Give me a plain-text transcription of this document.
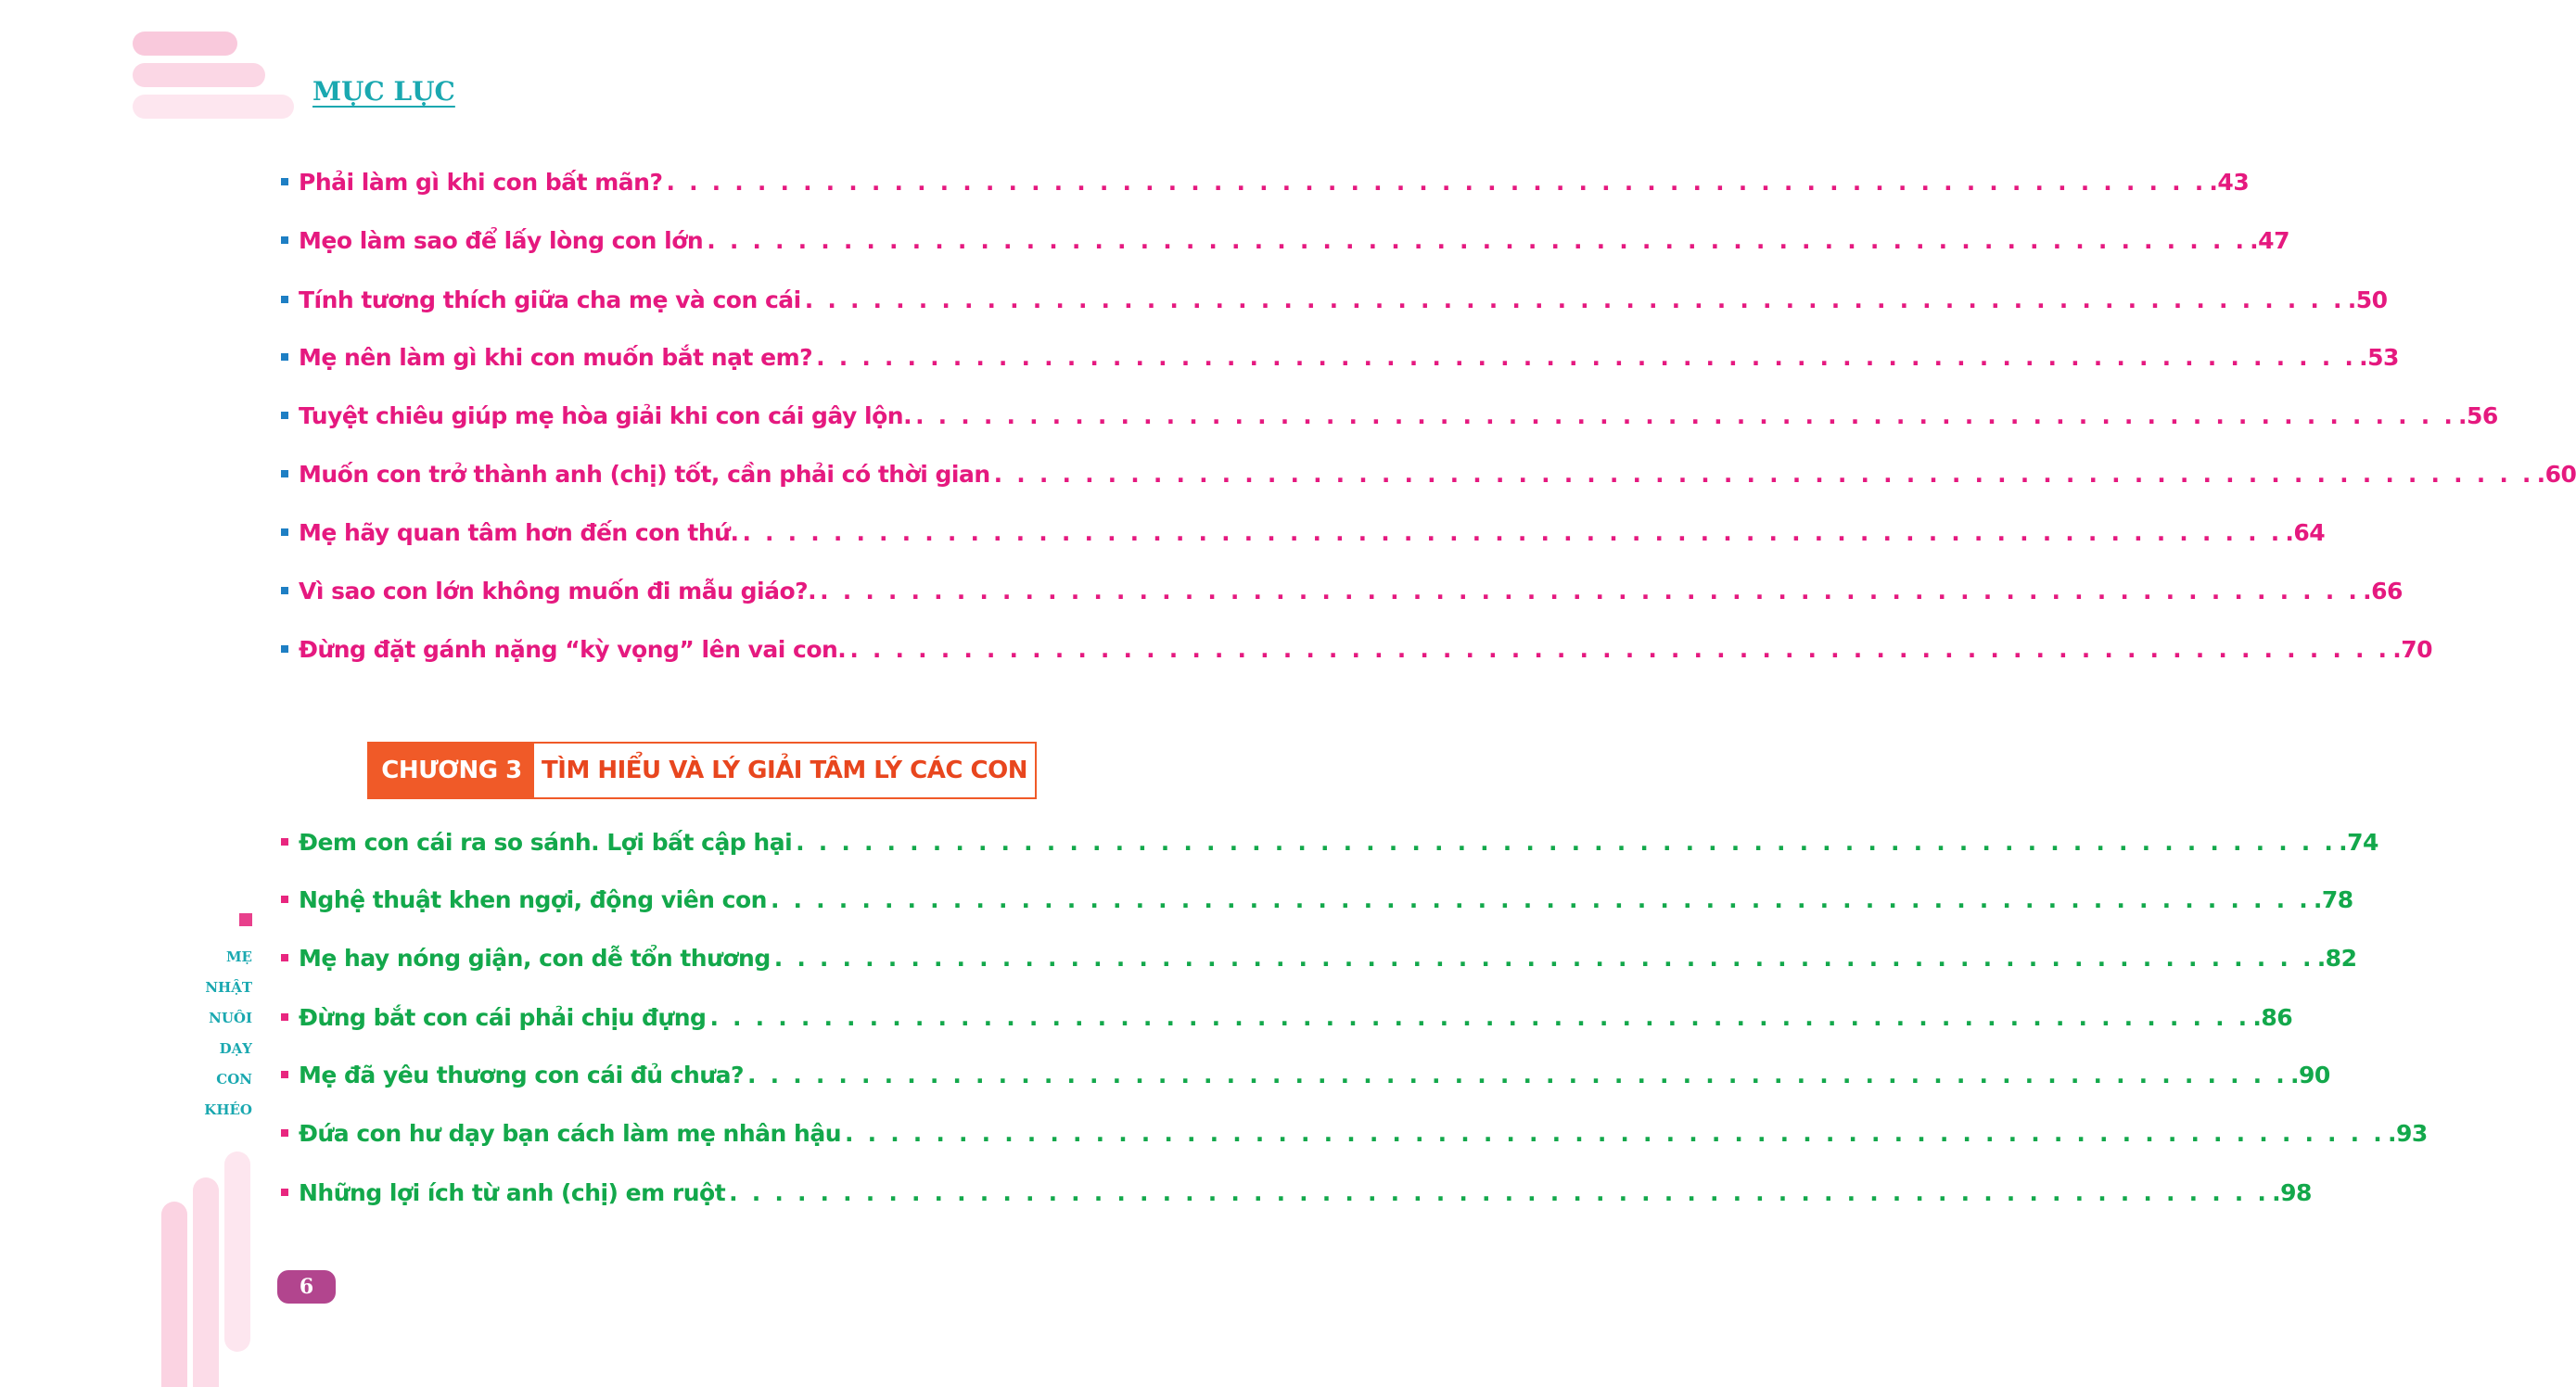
MỤC LỤC
Phải làm gì khi con bất mãn? . . . . . . . . . . . . . . . . . . . . . . . . . . . . . . . . . . . . . . . . . . . . . . . . . . . . . . . . . . . . . . . . . . . . .43
Mẹo làm sao để lấy lòng con lớn . . . . . . . . . . . . . . . . . . . . . . . . . . . . . . . . . . . . . . . . . . . . . . . . . . . . . . . . . . . . . . . . . . . . .47
Tính tương thích giữa cha mẹ và con cái . . . . . . . . . . . . . . . . . . . . . . . . . . . . . . . . . . . . . . . . . . . . . . . . . . . . . . . . . . . . . . . . . . . . .50
Mẹ nên làm gì khi con muốn bắt nạt em? . . . . . . . . . . . . . . . . . . . . . . . . . . . . . . . . . . . . . . . . . . . . . . . . . . . . . . . . . . . . . . . . . . . . .53
Tuyệt chiêu giúp mẹ hòa giải khi con cái gây lộn. . . . . . . . . . . . . . . . . . . . . . . . . . . . . . . . . . . . . . . . . . . . . . . . . . . . . . . . . . . . . . . . . . . . . .56
Muốn con trở thành anh (chị) tốt, cần phải có thời gian . . . . . . . . . . . . . . . . . . . . . . . . . . . . . . . . . . . . . . . . . . . . . . . . . . . . . . . . . . . . . . . . . . . . .60
Mẹ hãy quan tâm hơn đến con thứ. . . . . . . . . . . . . . . . . . . . . . . . . . . . . . . . . . . . . . . . . . . . . . . . . . . . . . . . . . . . . . . . . . . . . .64
Vì sao con lớn không muốn đi mẫu giáo?. . . . . . . . . . . . . . . . . . . . . . . . . . . . . . . . . . . . . . . . . . . . . . . . . . . . . . . . . . . . . . . . . . . . . .66
Đừng đặt gánh nặng “kỳ vọng” lên vai con. . . . . . . . . . . . . . . . . . . . . . . . . . . . . . . . . . . . . . . . . . . . . . . . . . . . . . . . . . . . . . . . . . . . . .70
CHƯƠNG 3 TÌM HIỂU VÀ LÝ GIẢI TÂM LÝ CÁC CON
Đem con cái ra so sánh. Lợi bất cập hại . . . . . . . . . . . . . . . . . . . . . . . . . . . . . . . . . . . . . . . . . . . . . . . . . . . . . . . . . . . . . . . . . . . . .74
Nghệ thuật khen ngợi, động viên con . . . . . . . . . . . . . . . . . . . . . . . . . . . . . . . . . . . . . . . . . . . . . . . . . . . . . . . . . . . . . . . . . . . . .78
Mẹ hay nóng giận, con dễ tổn thương . . . . . . . . . . . . . . . . . . . . . . . . . . . . . . . . . . . . . . . . . . . . . . . . . . . . . . . . . . . . . . . . . . . . .82
Đừng bắt con cái phải chịu đựng . . . . . . . . . . . . . . . . . . . . . . . . . . . . . . . . . . . . . . . . . . . . . . . . . . . . . . . . . . . . . . . . . . . . .86
Mẹ đã yêu thương con cái đủ chưa? . . . . . . . . . . . . . . . . . . . . . . . . . . . . . . . . . . . . . . . . . . . . . . . . . . . . . . . . . . . . . . . . . . . . .90
Đứa con hư dạy bạn cách làm mẹ nhân hậu . . . . . . . . . . . . . . . . . . . . . . . . . . . . . . . . . . . . . . . . . . . . . . . . . . . . . . . . . . . . . . . . . . . . .93
Những lợi ích từ anh (chị) em ruột . . . . . . . . . . . . . . . . . . . . . . . . . . . . . . . . . . . . . . . . . . . . . . . . . . . . . . . . . . . . . . . . . . . . .98
MẸ
NHẬT
NUÔI
DẠY
CON
KHÉO
6
